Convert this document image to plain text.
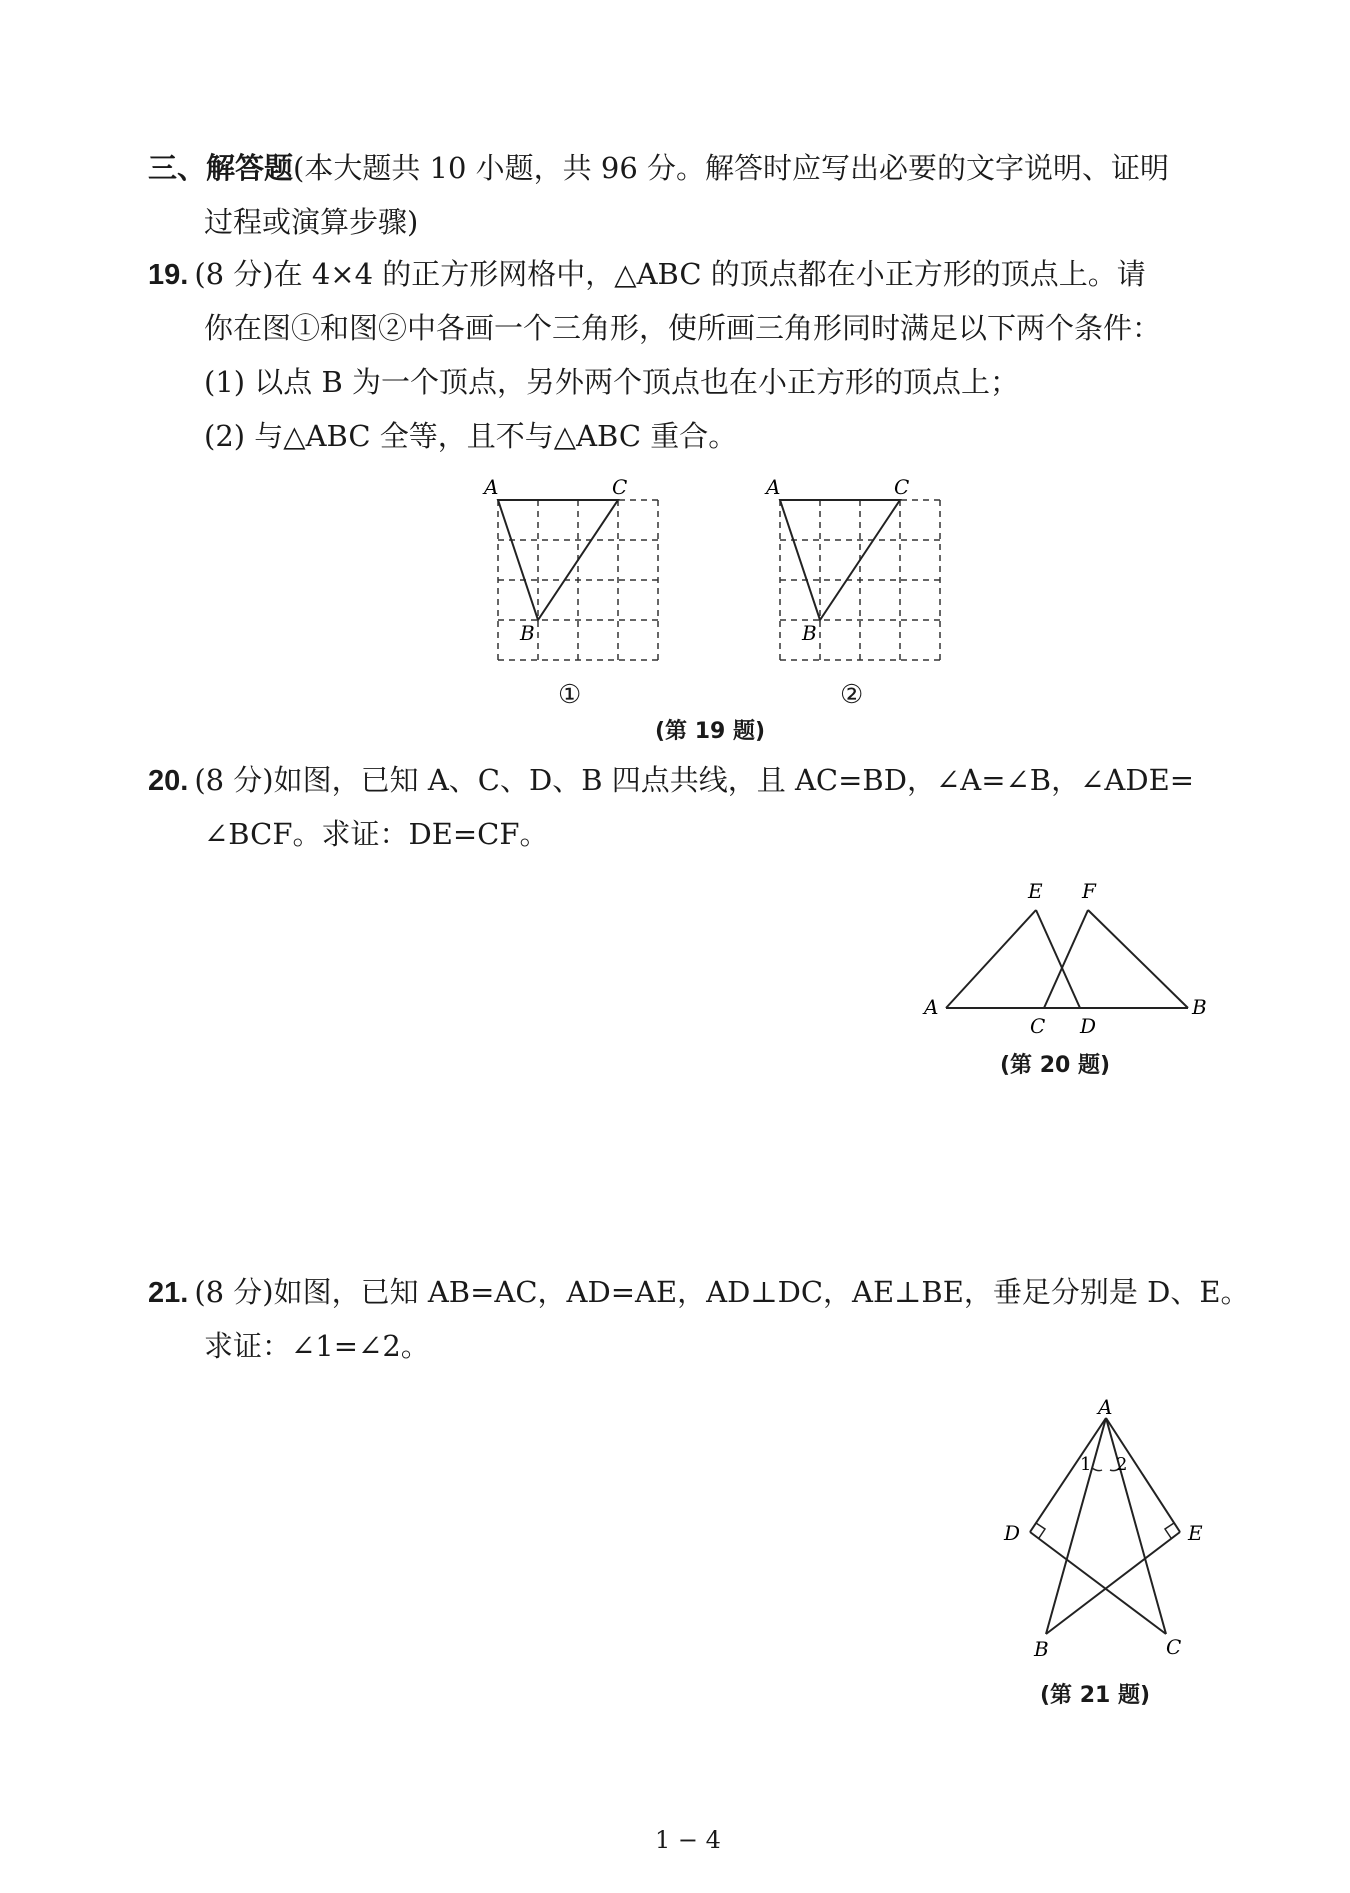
三、解答题(本大题共 10 小题，共 96 分。解答时应写出必要的文字说明、证明
过程或演算步骤)
19. (8 分)在 4×4 的正方形网格中，△ABC 的顶点都在小正方形的顶点上。请
你在图①和图②中各画一个三角形，使所画三角形同时满足以下两个条件：
(1) 以点 B 为一个顶点，另外两个顶点也在小正方形的顶点上；
(2) 与△ABC 全等，且不与△ABC 重合。
A	C
B
①
A	C
B
②
(第 19 题)
20. (8 分)如图，已知 A、C、D、B 四点共线，且 AC=BD，∠A=∠B，∠ADE=
∠BCF。求证：DE=CF。
A
E F
C D
B
(第 20 题)
21. (8 分)如图，已知 AB=AC，AD=AE，AD⊥DC，AE⊥BE，垂足分别是 D、E。
求证：∠1=∠2。
A
D	E
B	C
1 2
(第 21 题)
1 − 4
